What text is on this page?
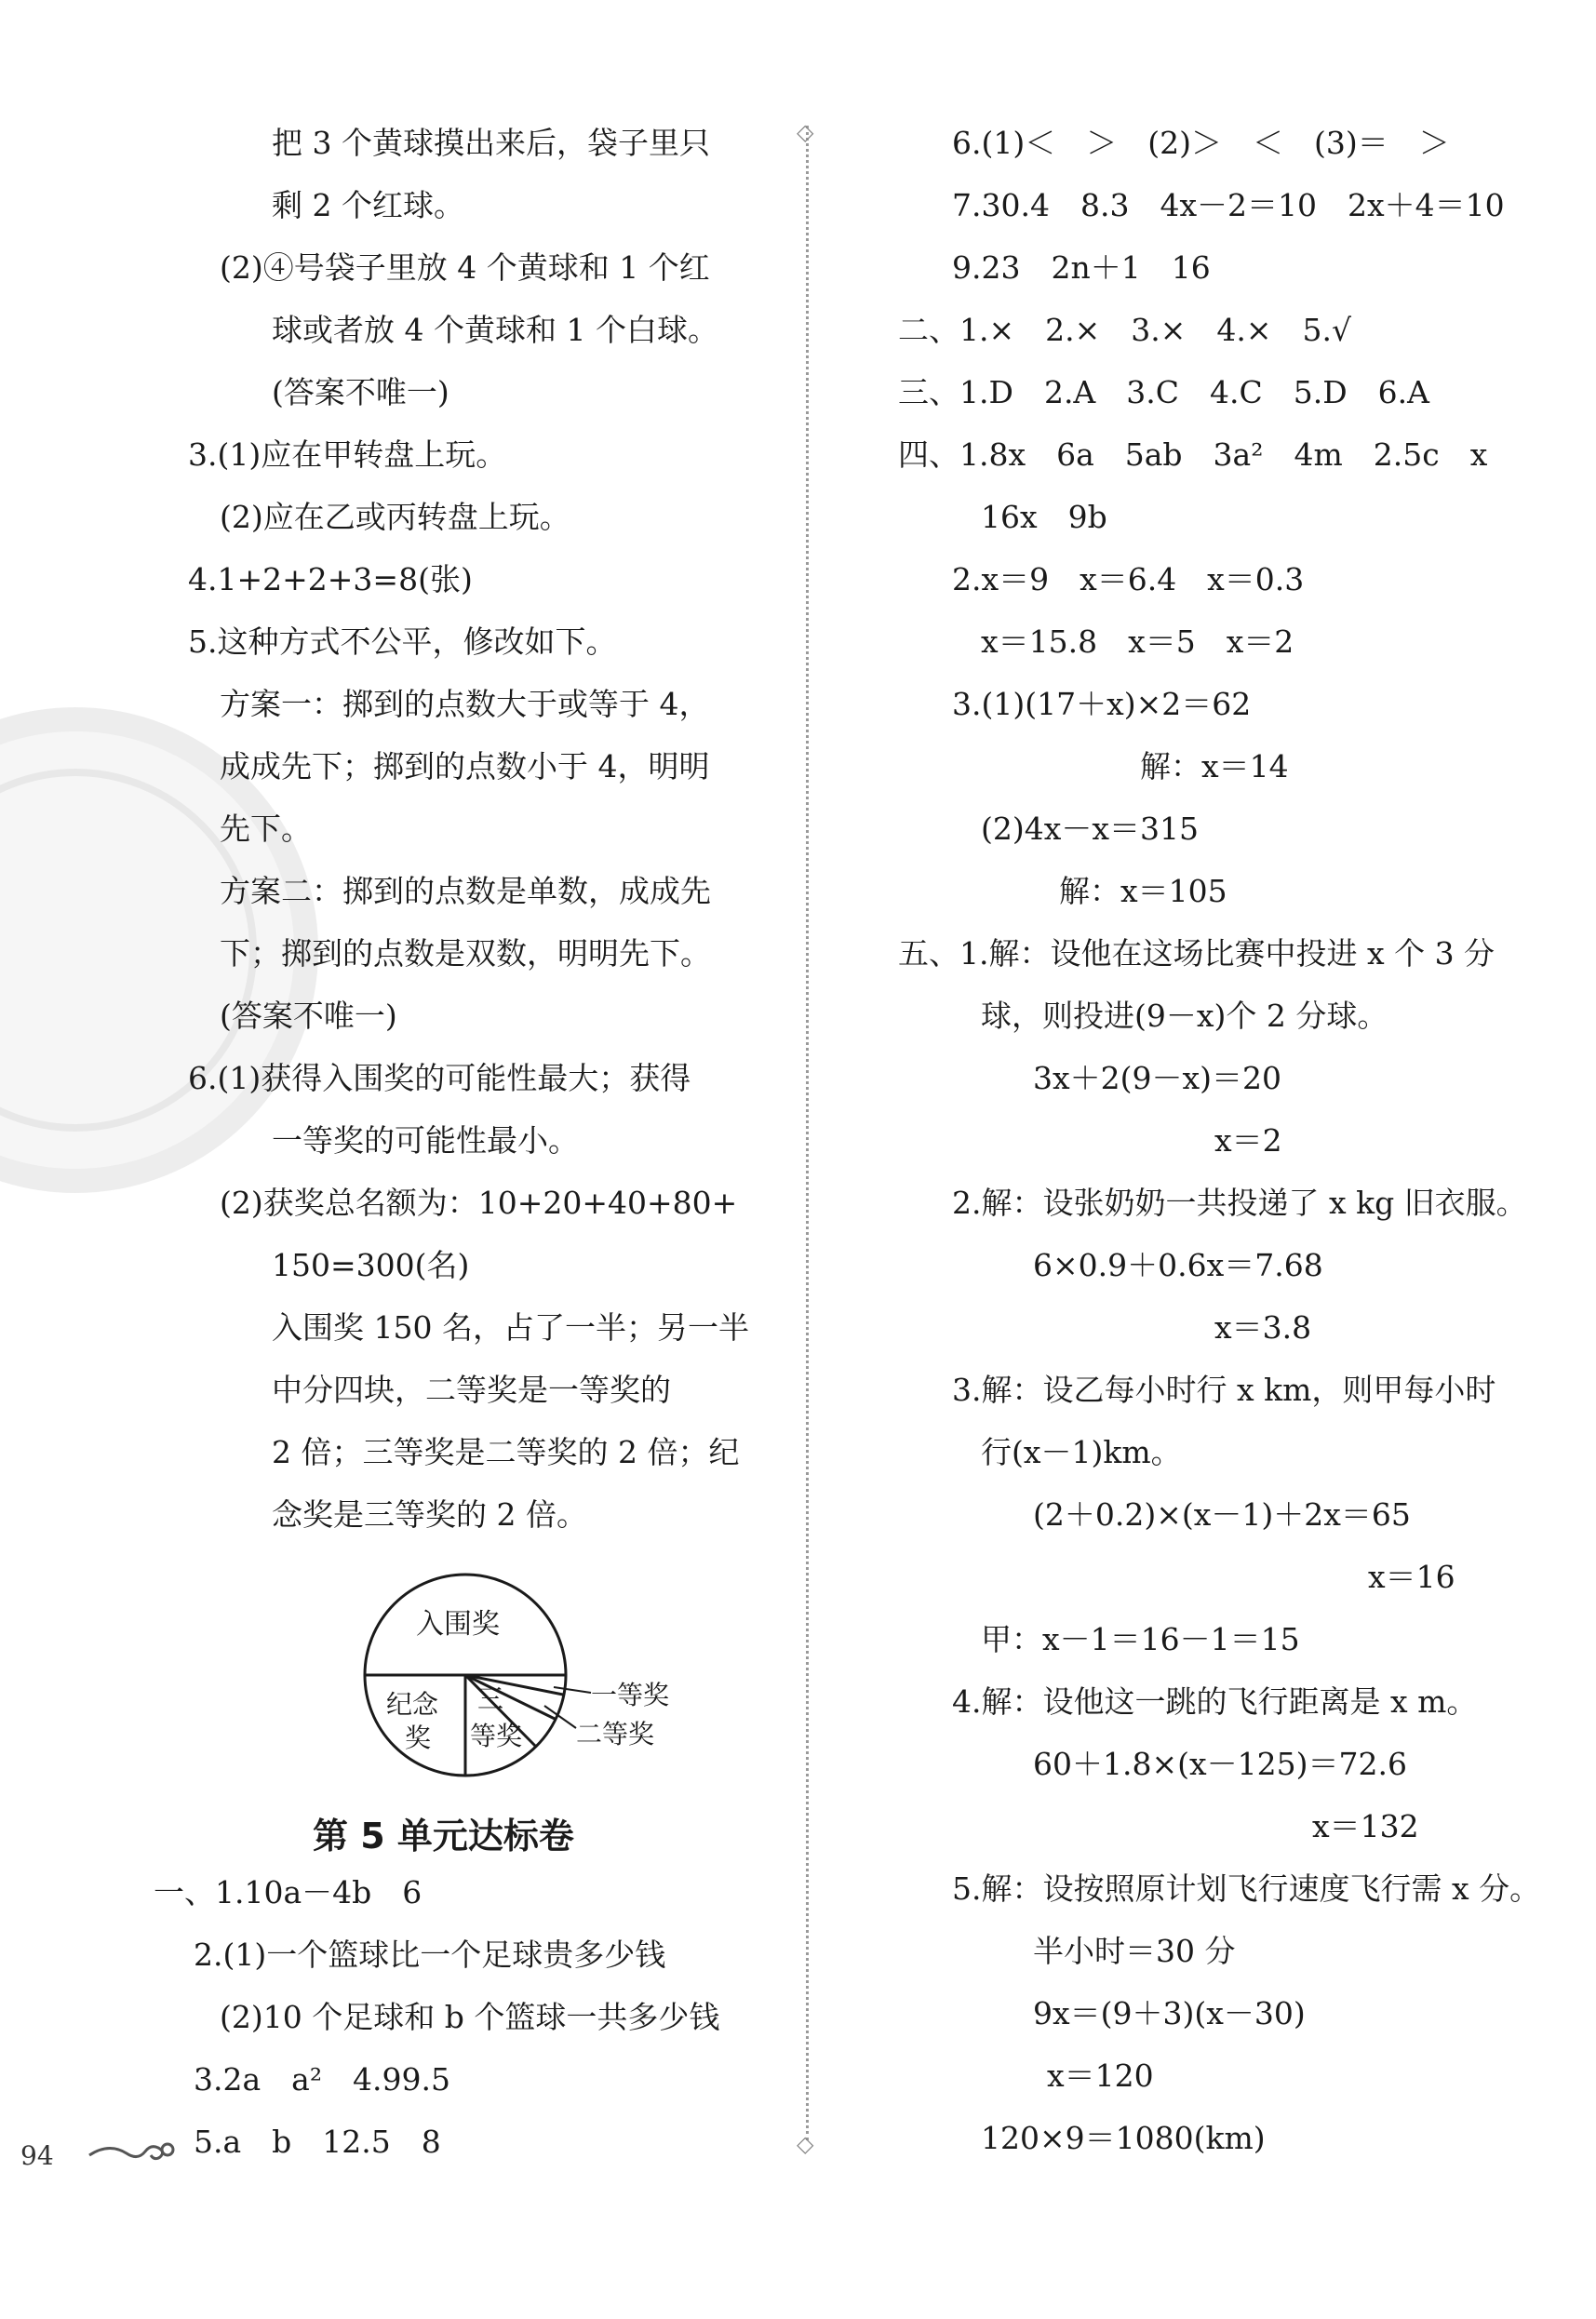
◇
◇
把 3 个黄球摸出来后，袋子里只
剩 2 个红球。
(2)④号袋子里放 4 个黄球和 1 个红
球或者放 4 个黄球和 1 个白球。
(答案不唯一)
3.(1)应在甲转盘上玩。
(2)应在乙或丙转盘上玩。
4.1+2+2+3=8(张)
5.这种方式不公平，修改如下。
方案一：掷到的点数大于或等于 4，
成成先下；掷到的点数小于 4，明明
先下。
方案二：掷到的点数是单数，成成先
下；掷到的点数是双数，明明先下。
(答案不唯一)
6.(1)获得入围奖的可能性最大；获得
一等奖的可能性最小。
(2)获奖总名额为：10+20+40+80+
150=300(名)
入围奖 150 名，占了一半；另一半
中分四块，二等奖是一等奖的
2 倍；三等奖是二等奖的 2 倍；纪
念奖是三等奖的 2 倍。
入围奖
纪念
奖
三
等奖
一等奖
二等奖
第 5 单元达标卷
一、1.10a－4b　6
2.(1)一个篮球比一个足球贵多少钱
(2)10 个足球和 b 个篮球一共多少钱
3.2a　a²　4.99.5
5.a　b　12.5　8
6.(1)＜　＞　(2)＞　＜　(3)＝　＞
7.30.4　8.3　4x－2＝10　2x＋4＝10
9.23　2n＋1　16
二、1.×　2.×　3.×　4.×　5.√
三、1.D　2.A　3.C　4.C　5.D　6.A
四、1.8x　6a　5ab　3a²　4m　2.5c　x
16x　9b
2.x＝9　x＝6.4　x＝0.3
x＝15.8　x＝5　x＝2
3.(1)(17＋x)×2＝62
解：x＝14
(2)4x－x＝315
解：x＝105
五、1.解：设他在这场比赛中投进 x 个 3 分
球，则投进(9－x)个 2 分球。
3x＋2(9－x)＝20
x＝2
2.解：设张奶奶一共投递了 x kg 旧衣服。
6×0.9＋0.6x＝7.68
x＝3.8
3.解：设乙每小时行 x km，则甲每小时
行(x－1)km。
(2＋0.2)×(x－1)＋2x＝65
x＝16
甲：x－1＝16－1＝15
4.解：设他这一跳的飞行距离是 x m。
60＋1.8×(x－125)＝72.6
x＝132
5.解：设按照原计划飞行速度飞行需 x 分。
半小时＝30 分
9x＝(9＋3)(x－30)
x＝120
120×9＝1080(km)
94
